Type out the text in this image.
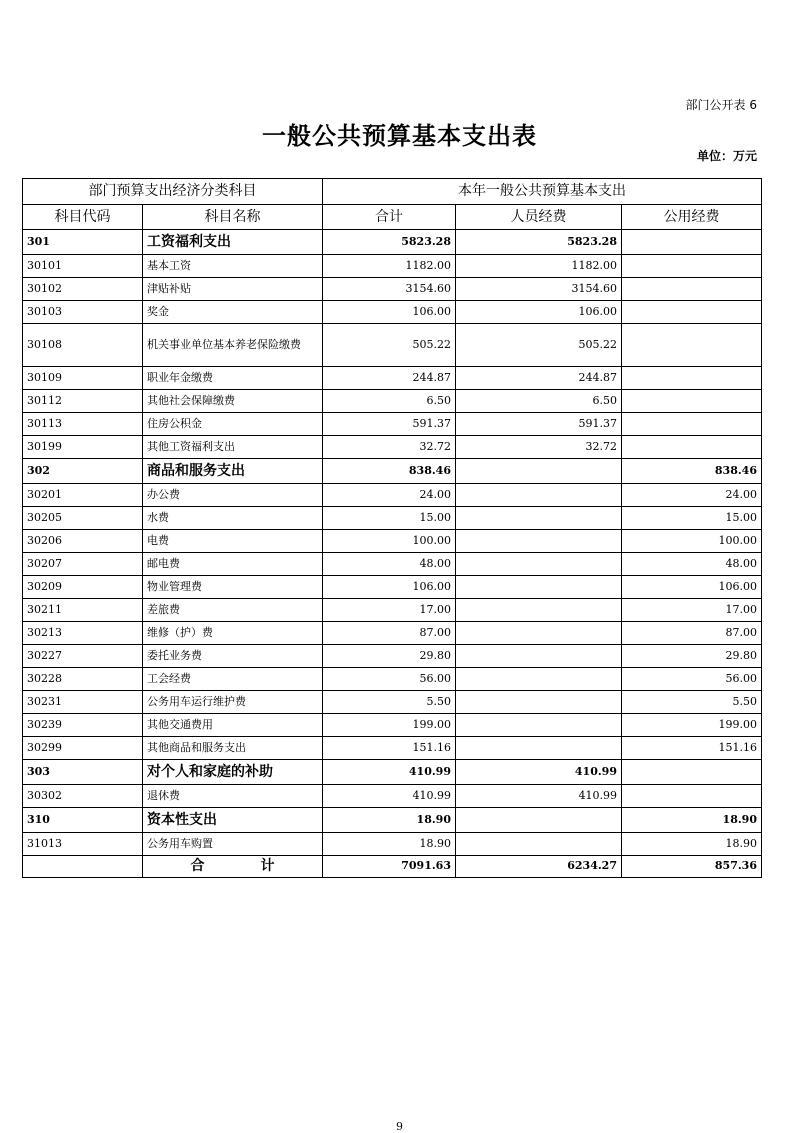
部门公开表 6
一般公共预算基本支出表
单位：万元
部门预算支出经济分类科目		本年一般公共预算基本支出		
科目代码	科目名称	合计	人员经费	公用经费
301	工资福利支出	5823.28	5823.28	
30101	基本工资	1182.00	1182.00	
30102	津贴补贴	3154.60	3154.60	
30103	奖金	106.00	106.00	
30108	机关事业单位基本养老保险缴费	505.22	505.22	
30109	职业年金缴费	244.87	244.87	
30112	其他社会保障缴费	6.50	6.50	
30113	住房公积金	591.37	591.37	
30199	其他工资福利支出	32.72	32.72	
302	商品和服务支出	838.46		838.46
30201	办公费	24.00		24.00
30205	水费	15.00		15.00
30206	电费	100.00		100.00
30207	邮电费	48.00		48.00
30209	物业管理费	106.00		106.00
30211	差旅费	17.00		17.00
30213	维修（护）费	87.00		87.00
30227	委托业务费	29.80		29.80
30228	工会经费	56.00		56.00
30231	公务用车运行维护费	5.50		5.50
30239	其他交通费用	199.00		199.00
30299	其他商品和服务支出	151.16		151.16
303	对个人和家庭的补助	410.99	410.99	
30302	退休费	410.99	410.99	
310	资本性支出	18.90		18.90
31013	公务用车购置	18.90		18.90
	合　　　　计	7091.63	6234.27	857.36
9
